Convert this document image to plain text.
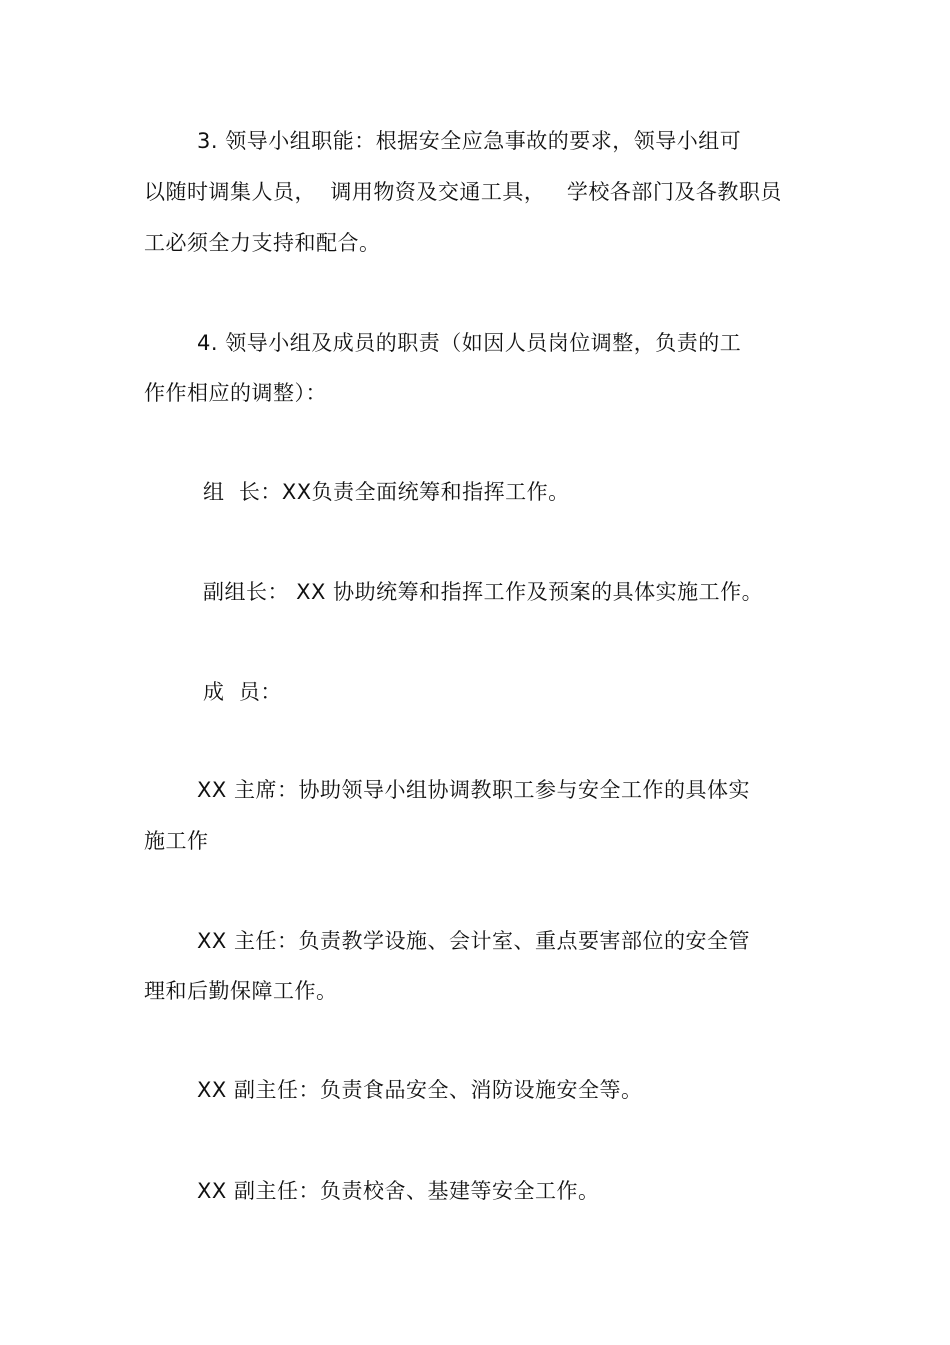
3. 领导小组职能：根据安全应急事故的要求，领导小组可
以随时调集人员，  调用物资及交通工具，   学校各部门及各教职员
工必须全力支持和配合。
4. 领导小组及成员的职责（如因人员岗位调整，负责的工
作作相应的调整）：
组  长：XX负责全面统筹和指挥工作。
副组长： XX 协助统筹和指挥工作及预案的具体实施工作。
成  员：
XX 主席：协助领导小组协调教职工参与安全工作的具体实
施工作
XX 主任：负责教学设施、会计室、重点要害部位的安全管
理和后勤保障工作。
XX 副主任：负责食品安全、消防设施安全等。
XX 副主任：负责校舍、基建等安全工作。
